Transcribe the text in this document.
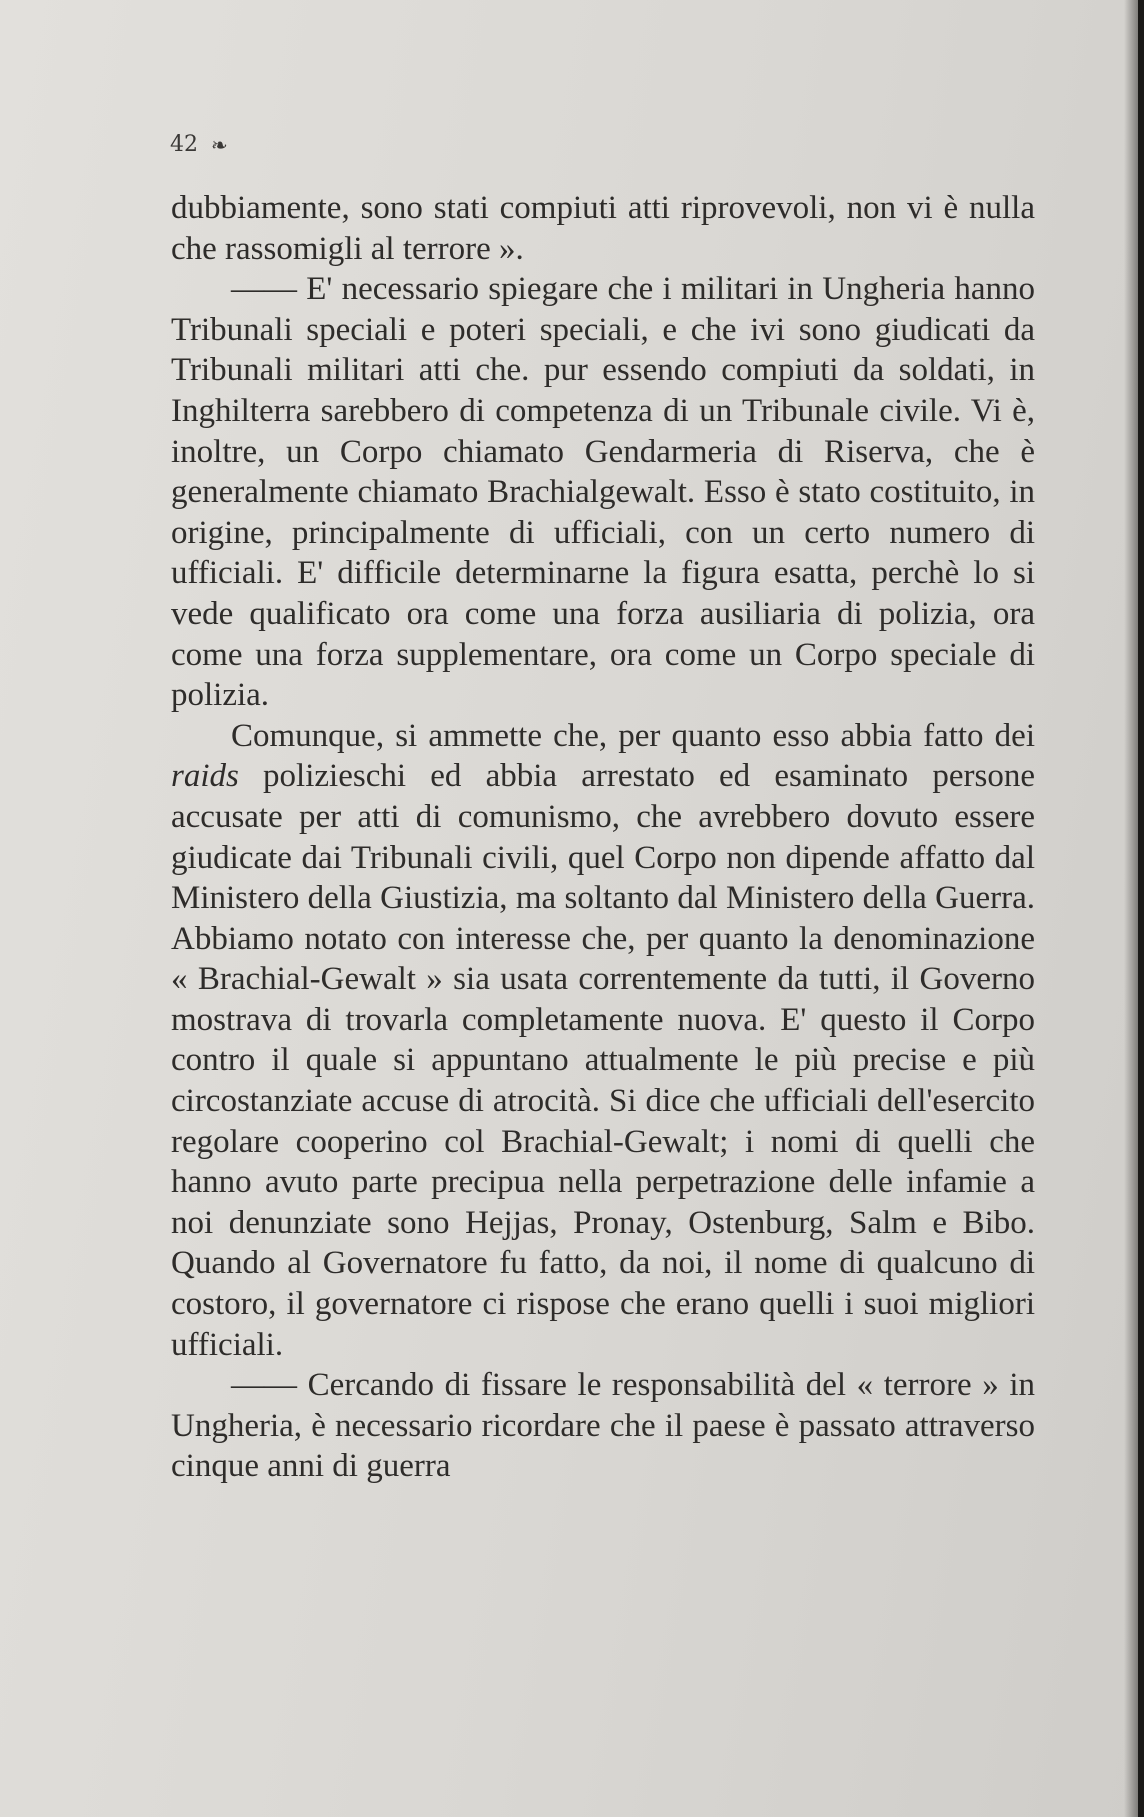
42 ❧

dubbiamente, sono stati compiuti atti riprovevoli, non vi è nulla che rassomigli al terrore ».

—— E' necessario spiegare che i militari in Ungheria hanno Tribunali speciali e poteri speciali, e che ivi sono giudicati da Tribunali militari atti che. pur essendo compiuti da soldati, in Inghilterra sarebbero di competenza di un Tribunale civile. Vi è, inoltre, un Corpo chiamato Gendarmeria di Riserva, che è generalmente chiamato Brachialgewalt. Esso è stato costituito, in origine, principalmente di ufficiali, con un certo numero di ufficiali. E' difficile determinarne la figura esatta, perchè lo si vede qualificato ora come una forza ausiliaria di polizia, ora come una forza supplementare, ora come un Corpo speciale di polizia.

Comunque, si ammette che, per quanto esso abbia fatto dei raids polizieschi ed abbia arrestato ed esaminato persone accusate per atti di comunismo, che avrebbero dovuto essere giudicate dai Tribunali civili, quel Corpo non dipende affatto dal Ministero della Giustizia, ma soltanto dal Ministero della Guerra. Abbiamo notato con interesse che, per quanto la denominazione « Brachial-Gewalt » sia usata correntemente da tutti, il Governo mostrava di trovarla completamente nuova. E' questo il Corpo contro il quale si appuntano attualmente le più precise e più circostanziate accuse di atrocità. Si dice che ufficiali dell'esercito regolare cooperino col Brachial-Gewalt; i nomi di quelli che hanno avuto parte precipua nella perpetrazione delle infamie a noi denunziate sono Hejjas, Pronay, Ostenburg, Salm e Bibo. Quando al Governatore fu fatto, da noi, il nome di qualcuno di costoro, il governatore ci rispose che erano quelli i suoi migliori ufficiali.

—— Cercando di fissare le responsabilità del « terrore » in Ungheria, è necessario ricordare che il paese è passato attraverso cinque anni di guerra
